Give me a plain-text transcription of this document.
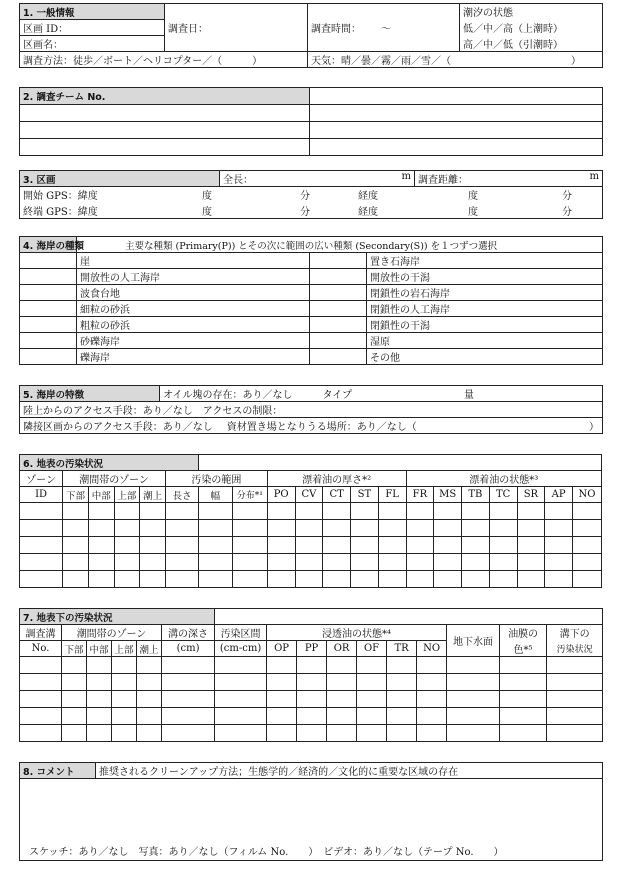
1. 一般情報	調査日：	調査時間： ～	潮汐の状態
区画 ID：			低／中／高（上潮時）
区画名：			高／中／低（引潮時）
調査方法：徒歩／ボート／ヘリコプター／（　　　）		天気：晴／曇／霧／雨／雪／（　　　　　　　　　　　　）	
2. 調査チーム No.	

3. 区画	全長：	m	調査距離：	m

開始 GPS：緯度	度	分	経度	度	分

終端 GPS：緯度	度	分	経度	度	分
4. 海岸の種類	主要な種類 (Primary(P)) とその次に範囲の広い種類 (Secondary(S)) を１つずつ選択		
	崖		置き石海岸
	開放性の人工海岸		開放性の干潟
	波食台地		閉鎖性の岩石海岸
	細粒の砂浜		閉鎖性の人工海岸
	粗粒の砂浜		閉鎖性の干潟
	砂礫海岸		湿原
	礫海岸		その他
5. 海岸の特徴	オイル塊の存在：あり／なし	タイプ	量
陸上からのアクセス手段：あり／なし　アクセスの制限：
隣接区画からのアクセス手段：あり／なし 資材置き場となりうる場所：あり／なし（	）
6. 地表の汚染状況																			
ゾーン	潮間帯のゾーン				汚染の範囲			漂着油の厚さ*²					漂着油の状態*³						
ID	下部	中部	上部	潮上	長さ	幅	分布*¹	PO	CV	CT	ST	FL	FR	MS	TB	TC	SR	AP	NO

7. 地表下の汚染状況															
調査溝	潮間帯のゾーン				溝の深さ	汚染区間	浸透油の状態*⁴						地下水面	油膜の	溝下の
No.	下部	中部	上部	潮上	(cm)	(cm-cm)	OP	PP	OR	OF	TR	NO		色*⁵	汚染状況

8. コメント	推奨されるクリーンアップ方法；生態学的／経済的／文化的に重要な区域の存在
スケッチ：あり／なし　写真：あり／なし（フィルム No.　　）　ビデオ：あり／なし（テープ No.　　）
